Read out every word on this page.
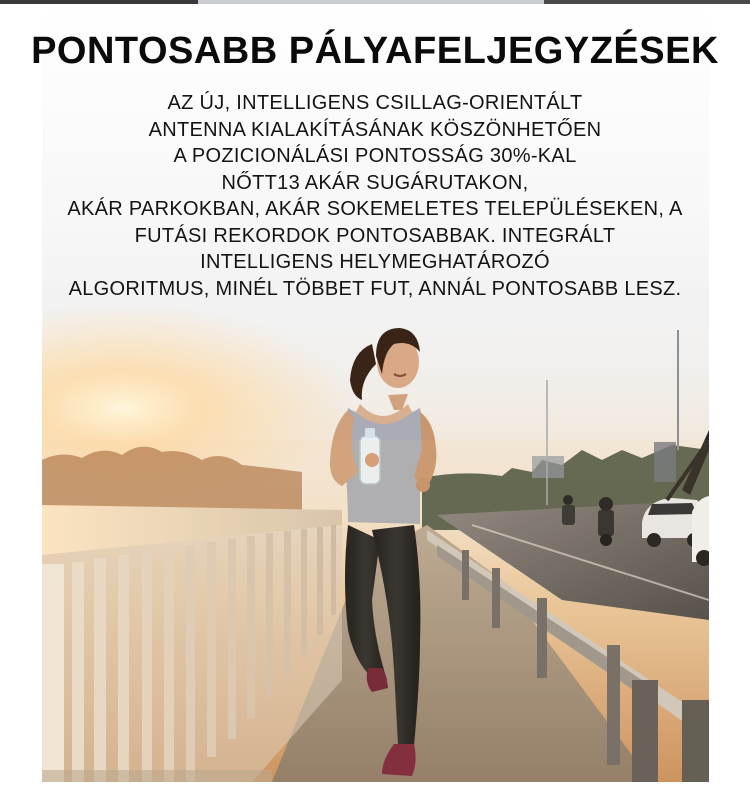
PONTOSABB PÁLYAFELJEGYZÉSEK
AZ ÚJ, INTELLIGENS CSILLAG-ORIENTÁLT
ANTENNA KIALAKÍTÁSÁNAK KÖSZÖNHETŐEN
A POZICIONÁLÁSI PONTOSSÁG 30%-KAL
NŐTT13 AKÁR SUGÁRUTAKON,
AKÁR PARKOKBAN, AKÁR SOKEMELETES TELEPÜLÉSEKEN, A
FUTÁSI REKORDOK PONTOSABBAK. INTEGRÁLT
INTELLIGENS HELYMEGHATÁROZÓ
ALGORITMUS, MINÉL TÖBBET FUT, ANNÁL PONTOSABB LESZ.
